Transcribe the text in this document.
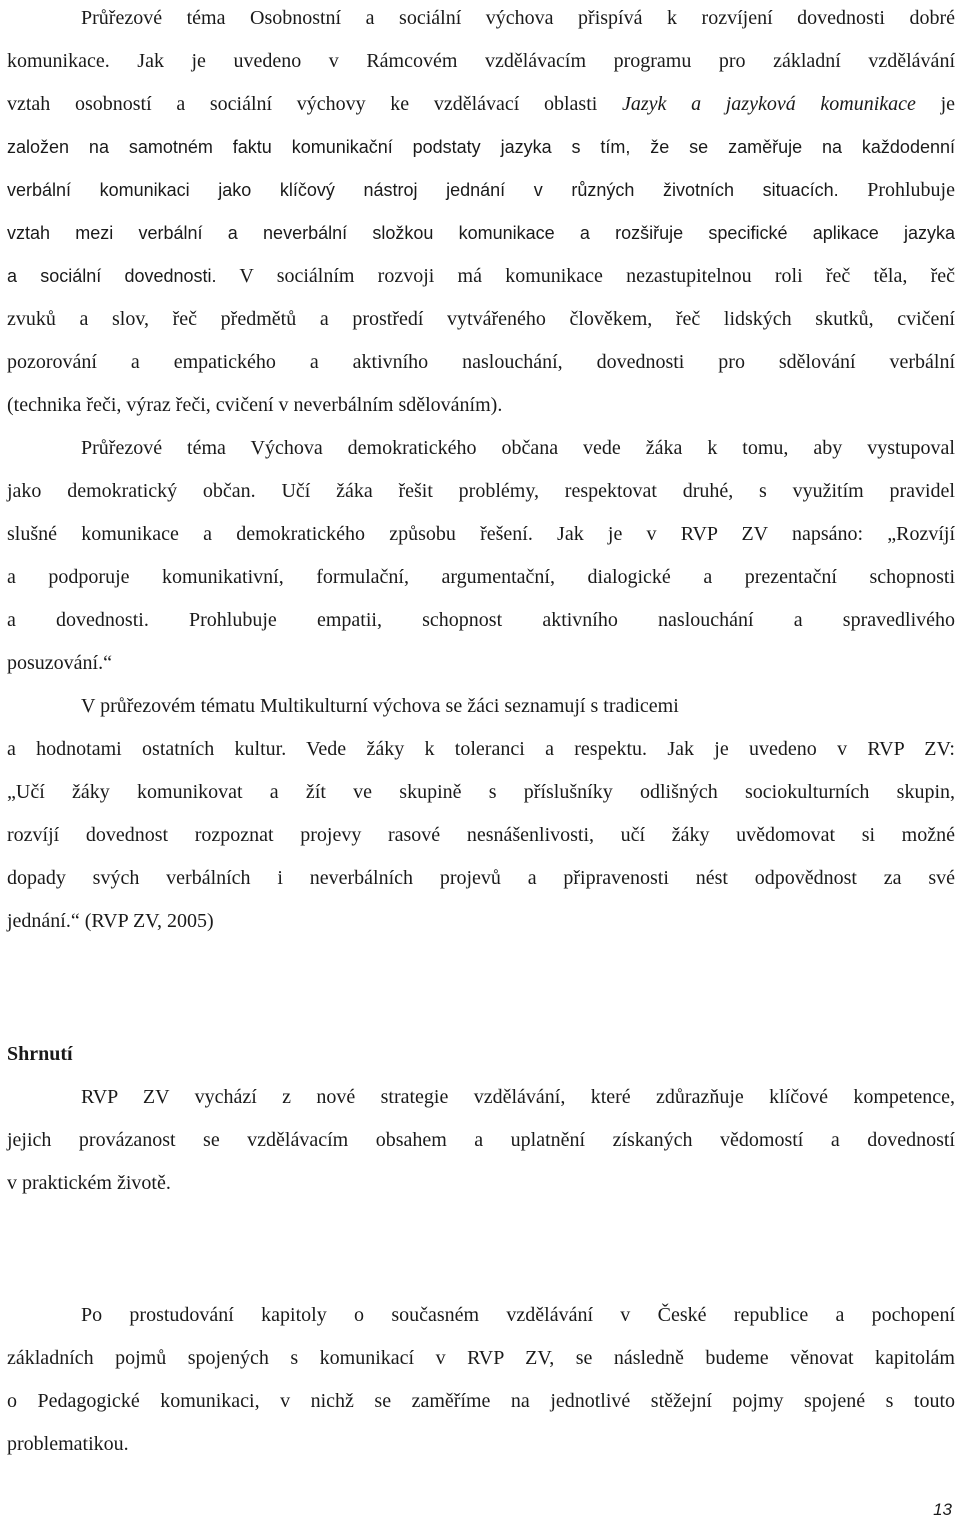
Průřezové téma Osobnostní a sociální výchova přispívá k rozvíjení dovednosti dobré
komunikace. Jak je uvedeno v Rámcovém vzdělávacím programu pro základní vzdělávání
vztah osobností a sociální výchovy ke vzdělávací oblasti Jazyk a jazyková komunikace je
založen na samotném faktu komunikační podstaty jazyka s tím, že se zaměřuje na každodenní
verbální komunikaci jako klíčový nástroj jednání v různých životních situacích. Prohlubuje
vztah mezi verbální a neverbální složkou komunikace a rozšiřuje specifické aplikace jazyka
a sociální dovednosti. V sociálním rozvoji má komunikace nezastupitelnou roli řeč těla, řeč
zvuků a slov, řeč předmětů a prostředí vytvářeného člověkem, řeč lidských skutků, cvičení
pozorování a empatického a aktivního naslouchání, dovednosti pro sdělování verbální
(technika řeči, výraz řeči, cvičení v neverbálním sdělováním).
Průřezové téma Výchova demokratického občana vede žáka k tomu, aby vystupoval
jako demokratický občan. Učí žáka řešit problémy, respektovat druhé, s využitím pravidel
slušné komunikace a demokratického způsobu řešení. Jak je v RVP ZV napsáno: „Rozvíjí
a podporuje komunikativní, formulační, argumentační, dialogické a prezentační schopnosti
a dovednosti. Prohlubuje empatii, schopnost aktivního naslouchání a spravedlivého
posuzování.“
V průřezovém tématu Multikulturní výchova se žáci seznamují s tradicemi
a hodnotami ostatních kultur. Vede žáky k toleranci a respektu. Jak je uvedeno v RVP ZV:
„Učí žáky komunikovat a žít ve skupině s příslušníky odlišných sociokulturních skupin,
rozvíjí dovednost rozpoznat projevy rasové nesnášenlivosti, učí žáky uvědomovat si možné
dopady svých verbálních i neverbálních projevů a připravenosti nést odpovědnost za své
jednání.“ (RVP ZV, 2005)
Shrnutí
RVP ZV vychází z nové strategie vzdělávání, které zdůrazňuje klíčové kompetence,
jejich provázanost se vzdělávacím obsahem a uplatnění získaných vědomostí a dovedností
v praktickém životě.
Po prostudování kapitoly o současném vzdělávání v České republice a pochopení
základních pojmů spojených s komunikací v RVP ZV, se následně budeme věnovat kapitolám
o Pedagogické komunikaci, v nichž se zaměříme na jednotlivé stěžejní pojmy spojené s touto
problematikou.
13
